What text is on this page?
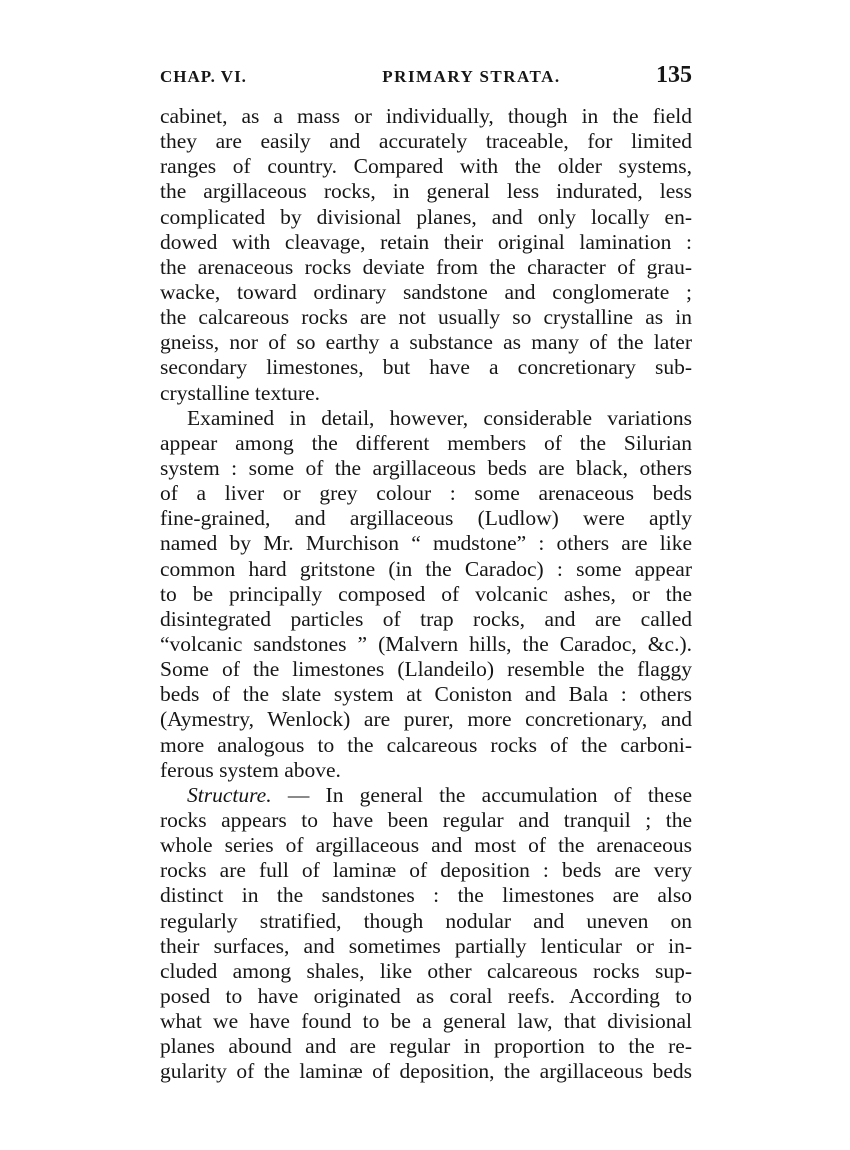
CHAP. VI.	PRIMARY STRATA.	135
cabinet, as a mass or individually, though in the field
they are easily and accurately traceable, for limited
ranges of country. Compared with the older systems,
the argillaceous rocks, in general less indurated, less
complicated by divisional planes, and only locally en-
dowed with cleavage, retain their original lamination :
the arenaceous rocks deviate from the character of grau-
wacke, toward ordinary sandstone and conglomerate ;
the calcareous rocks are not usually so crystalline as in
gneiss, nor of so earthy a substance as many of the later
secondary limestones, but have a concretionary sub-
crystalline texture.
Examined in detail, however, considerable variations
appear among the different members of the Silurian
system : some of the argillaceous beds are black, others
of a liver or grey colour : some arenaceous beds
fine-grained, and argillaceous (Ludlow) were aptly
named by Mr. Murchison “ mudstone” : others are like
common hard gritstone (in the Caradoc) : some appear
to be principally composed of volcanic ashes, or the
disintegrated particles of trap rocks, and are called
“volcanic sandstones ” (Malvern hills, the Caradoc, &c.).
Some of the limestones (Llandeilo) resemble the flaggy
beds of the slate system at Coniston and Bala : others
(Aymestry, Wenlock) are purer, more concretionary, and
more analogous to the calcareous rocks of the carboni-
ferous system above.
Structure. — In general the accumulation of these
rocks appears to have been regular and tranquil ; the
whole series of argillaceous and most of the arenaceous
rocks are full of laminæ of deposition : beds are very
distinct in the sandstones : the limestones are also
regularly stratified, though nodular and uneven on
their surfaces, and sometimes partially lenticular or in-
cluded among shales, like other calcareous rocks sup-
posed to have originated as coral reefs. According to
what we have found to be a general law, that divisional
planes abound and are regular in proportion to the re-
gularity of the laminæ of deposition, the argillaceous beds
